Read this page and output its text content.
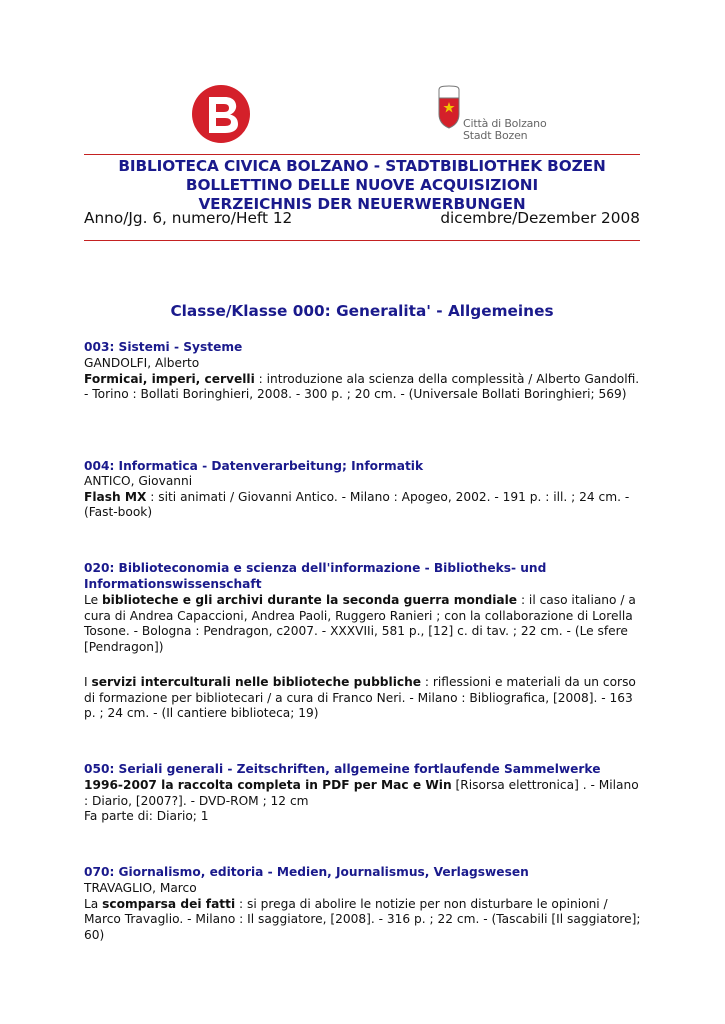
Città di Bolzano
Stadt Bozen
BIBLIOTECA CIVICA BOLZANO - STADTBIBLIOTHEK BOZEN
BOLLETTINO DELLE NUOVE ACQUISIZIONI
VERZEICHNIS DER NEUERWERBUNGEN
Anno/Jg. 6, numero/Heft 12	dicembre/Dezember 2008
Classe/Klasse 000: Generalita' - Allgemeines
003: Sistemi - Systeme
GANDOLFI, Alberto
Formicai, imperi, cervelli : introduzione ala scienza della complessità / Alberto Gandolfi. - Torino : Bollati Boringhieri, 2008. - 300 p. ; 20 cm. - (Universale Bollati Boringhieri; 569)
004: Informatica - Datenverarbeitung; Informatik
ANTICO, Giovanni
Flash MX : siti animati / Giovanni Antico. - Milano : Apogeo, 2002. - 191 p. : ill. ; 24 cm. - (Fast-book)
020: Biblioteconomia e scienza dell'informazione - Bibliotheks- und Informationswissenschaft
Le biblioteche e gli archivi durante la seconda guerra mondiale : il caso italiano / a cura di Andrea Capaccioni, Andrea Paoli, Ruggero Ranieri ; con la collaborazione di Lorella Tosone. - Bologna : Pendragon, c2007. - XXXVIIi, 581 p., [12] c. di tav. ; 22 cm. - (Le sfere [Pendragon])
I servizi interculturali nelle biblioteche pubbliche : riflessioni e materiali da un corso di formazione per bibliotecari / a cura di Franco Neri. - Milano : Bibliografica, [2008]. - 163 p. ; 24 cm. - (Il cantiere biblioteca; 19)
050: Seriali generali - Zeitschriften, allgemeine fortlaufende Sammelwerke
1996-2007 la raccolta completa in PDF per Mac e Win [Risorsa elettronica] . - Milano : Diario, [2007?]. - DVD-ROM ; 12 cm
Fa parte di: Diario; 1
070: Giornalismo, editoria - Medien, Journalismus, Verlagswesen
TRAVAGLIO, Marco
La scomparsa dei fatti : si prega di abolire le notizie per non disturbare le opinioni / Marco Travaglio. - Milano : Il saggiatore, [2008]. - 316 p. ; 22 cm. - (Tascabili [Il saggiatore]; 60)
